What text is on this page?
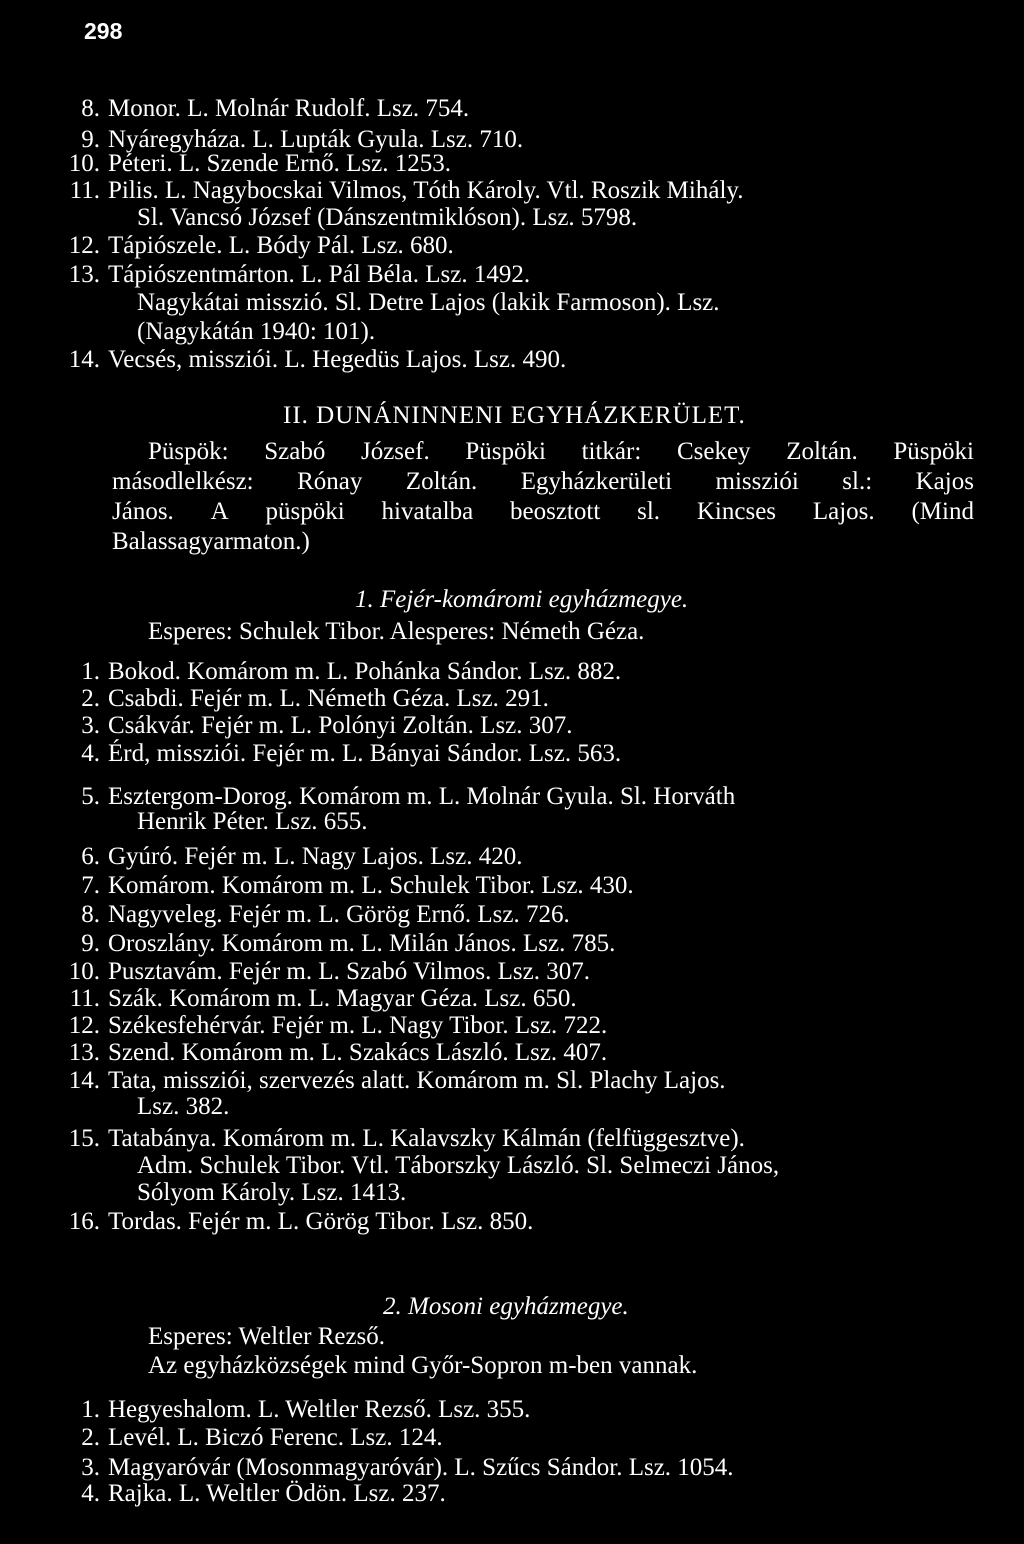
298
8. Monor. L. Molnár Rudolf. Lsz. 754.
9. Nyáregyháza. L. Lupták Gyula. Lsz. 710.
10. Péteri. L. Szende Ernő. Lsz. 1253.
11. Pilis. L. Nagybocskai Vilmos, Tóth Károly. Vtl. Roszik Mihály.
Sl. Vancsó József (Dánszentmiklóson). Lsz. 5798.
12. Tápiószele. L. Bódy Pál. Lsz. 680.
13. Tápiószentmárton. L. Pál Béla. Lsz. 1492.
Nagykátai misszió. Sl. Detre Lajos (lakik Farmoson). Lsz.
(Nagykátán 1940: 101).
14. Vecsés, missziói. L. Hegedüs Lajos. Lsz. 490.
II. DUNÁNINNENI EGYHÁZKERÜLET.
Püspök: Szabó József. Püspöki titkár: Csekey Zoltán. Püspöki
másodlelkész: Rónay Zoltán. Egyházkerületi missziói sl.: Kajos
János. A püspöki hivatalba beosztott sl. Kincses Lajos. (Mind
Balassagyarmaton.)
1. Fejér-komáromi egyházmegye.
Esperes: Schulek Tibor. Alesperes: Németh Géza.
1. Bokod. Komárom m. L. Pohánka Sándor. Lsz. 882.
2. Csabdi. Fejér m. L. Németh Géza. Lsz. 291.
3. Csákvár. Fejér m. L. Polónyi Zoltán. Lsz. 307.
4. Érd, missziói. Fejér m. L. Bányai Sándor. Lsz. 563.
5. Esztergom-Dorog. Komárom m. L. Molnár Gyula. Sl. Horváth
Henrik Péter. Lsz. 655.
6. Gyúró. Fejér m. L. Nagy Lajos. Lsz. 420.
7. Komárom. Komárom m. L. Schulek Tibor. Lsz. 430.
8. Nagyveleg. Fejér m. L. Görög Ernő. Lsz. 726.
9. Oroszlány. Komárom m. L. Milán János. Lsz. 785.
10. Pusztavám. Fejér m. L. Szabó Vilmos. Lsz. 307.
11. Szák. Komárom m. L. Magyar Géza. Lsz. 650.
12. Székesfehérvár. Fejér m. L. Nagy Tibor. Lsz. 722.
13. Szend. Komárom m. L. Szakács László. Lsz. 407.
14. Tata, missziói, szervezés alatt. Komárom m. Sl. Plachy Lajos.
Lsz. 382.
15. Tatabánya. Komárom m. L. Kalavszky Kálmán (felfüggesztve).
Adm. Schulek Tibor. Vtl. Táborszky László. Sl. Selmeczi János,
Sólyom Károly. Lsz. 1413.
16. Tordas. Fejér m. L. Görög Tibor. Lsz. 850.
2. Mosoni egyházmegye.
Esperes: Weltler Rezső.
Az egyházközségek mind Győr-Sopron m-ben vannak.
1. Hegyeshalom. L. Weltler Rezső. Lsz. 355.
2. Levél. L. Biczó Ferenc. Lsz. 124.
3. Magyaróvár (Mosonmagyaróvár). L. Szűcs Sándor. Lsz. 1054.
4. Rajka. L. Weltler Ödön. Lsz. 237.
